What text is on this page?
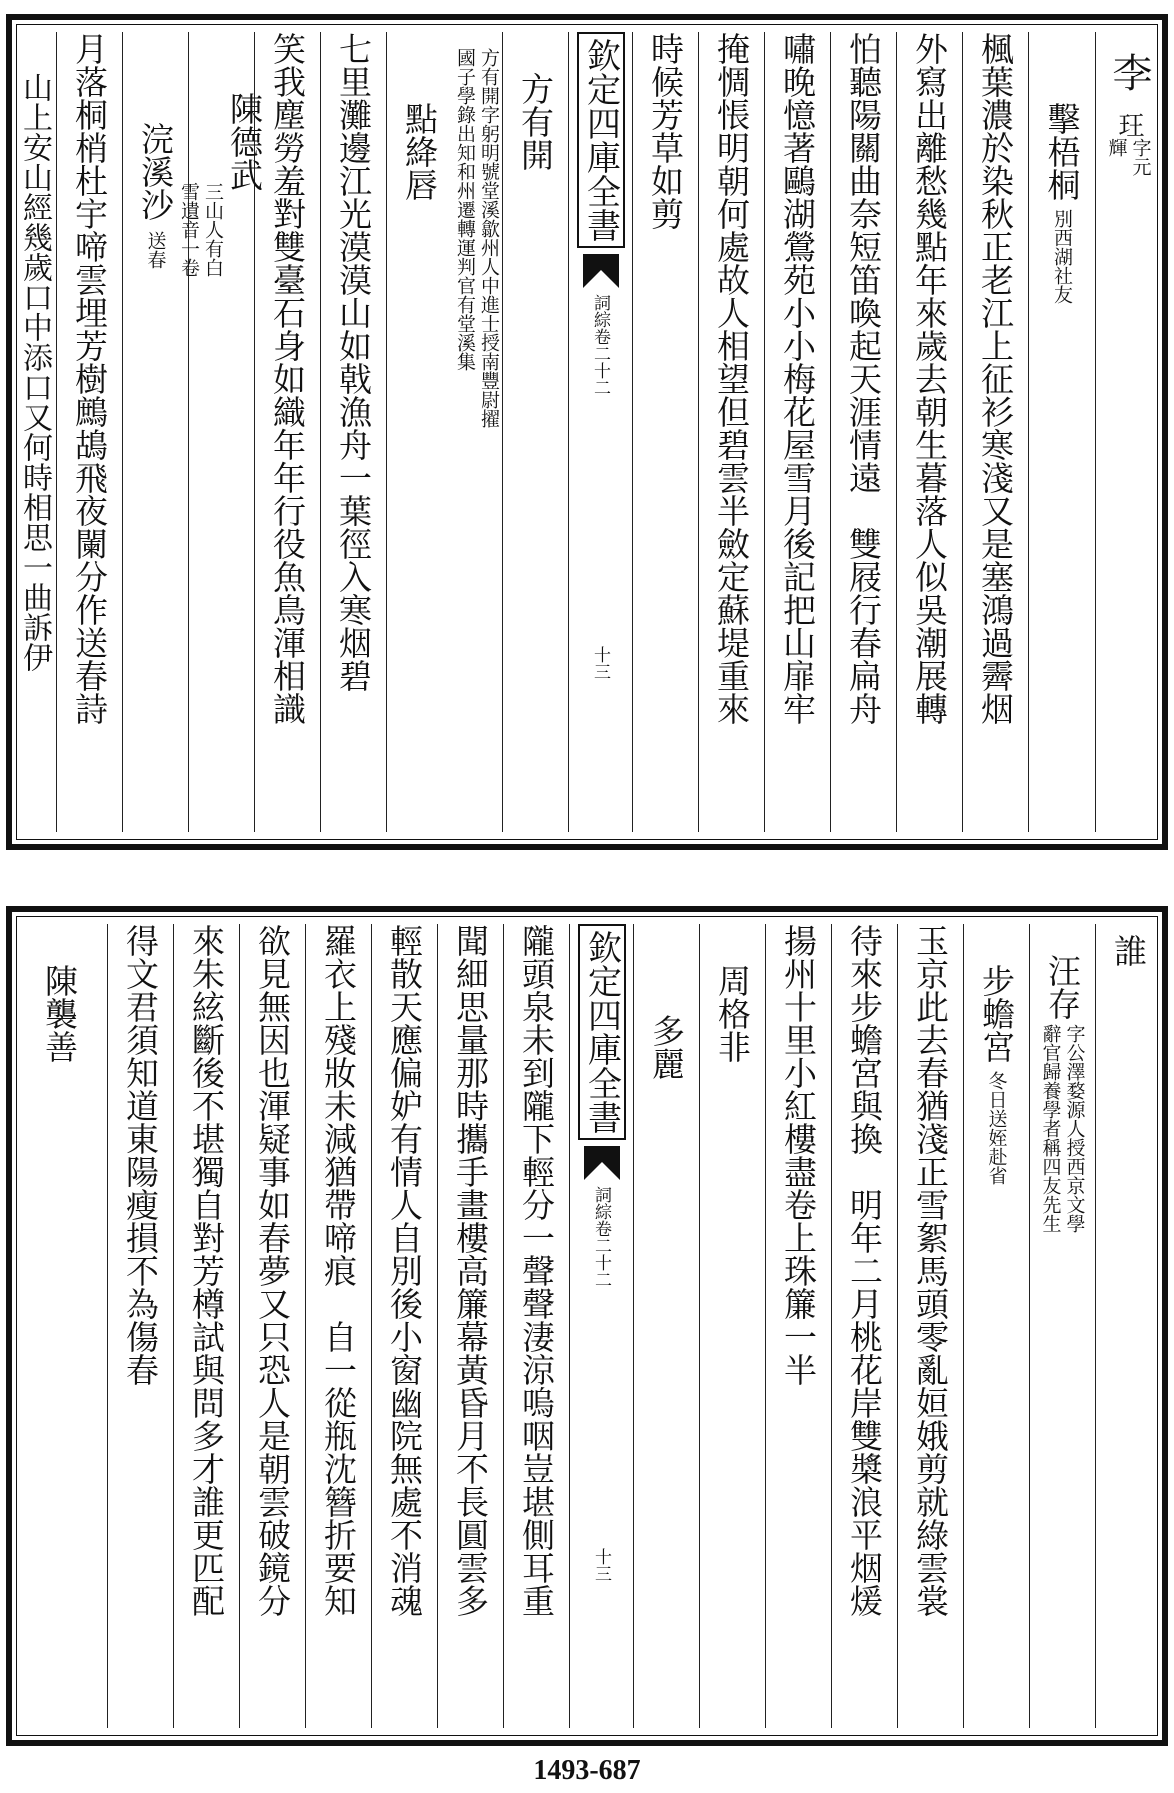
李
玨
字元
輝
擊梧桐
別西湖社友
楓葉濃於染秋正老江上征衫寒淺又是塞鴻過霽烟
外寫出離愁幾點年來歲去朝生暮落人似吳潮展轉
怕聽陽關曲奈短笛喚起天涯情遠　雙屐行春扁舟
嘯晚憶著鷗湖鶯苑小小梅花屋雪月後記把山扉牢
掩惆悵明朝何處故人相望但碧雲半斂定蘇堤重來
時候芳草如剪
欽定四庫全書
詞綜
卷二十二
十三
方有開
方有開字躬明號堂溪歙州人中進士授南豐尉擢
國子學錄出知和州遷轉運判官有堂溪集
點絳唇
七里灘邊江光漠漠山如戟漁舟一葉徑入寒烟碧
笑我塵勞羞對雙臺石身如織年年行役魚鳥渾相識
陳德武
三山人有白
雪遺音一卷
浣溪沙
送春
月落桐梢杜宇啼雲埋芳樹鷓鴣飛夜闌分作送春詩
山上安山經幾歲口中添口又何時相思一曲訴伊
誰
汪存
字公澤婺源人授西京文學
辭官歸養學者稱四友先生
步蟾宮
冬日送姪赴省
玉京此去春猶淺正雪絮馬頭零亂姮娥剪就綠雲裳
待來步蟾宮與換　明年二月桃花岸雙槳浪平烟煖
揚州十里小紅樓盡卷上珠簾一半
周格非
多麗
欽定四庫全書
詞綜
卷二十二
十三
隴頭泉未到隴下輕分一聲聲淒涼嗚咽豈堪側耳重
聞細思量那時攜手畫樓高簾幕黃昏月不長圓雲多
輕散天應偏妒有情人自別後小窗幽院無處不消魂
羅衣上殘妝未減猶帶啼痕　自一從瓶沈簪折要知
欲見無因也渾疑事如春夢又只恐人是朝雲破鏡分
來朱絃斷後不堪獨自對芳樽試與問多才誰更匹配
得文君須知道東陽瘦損不為傷春
陳襲善
1493-687
